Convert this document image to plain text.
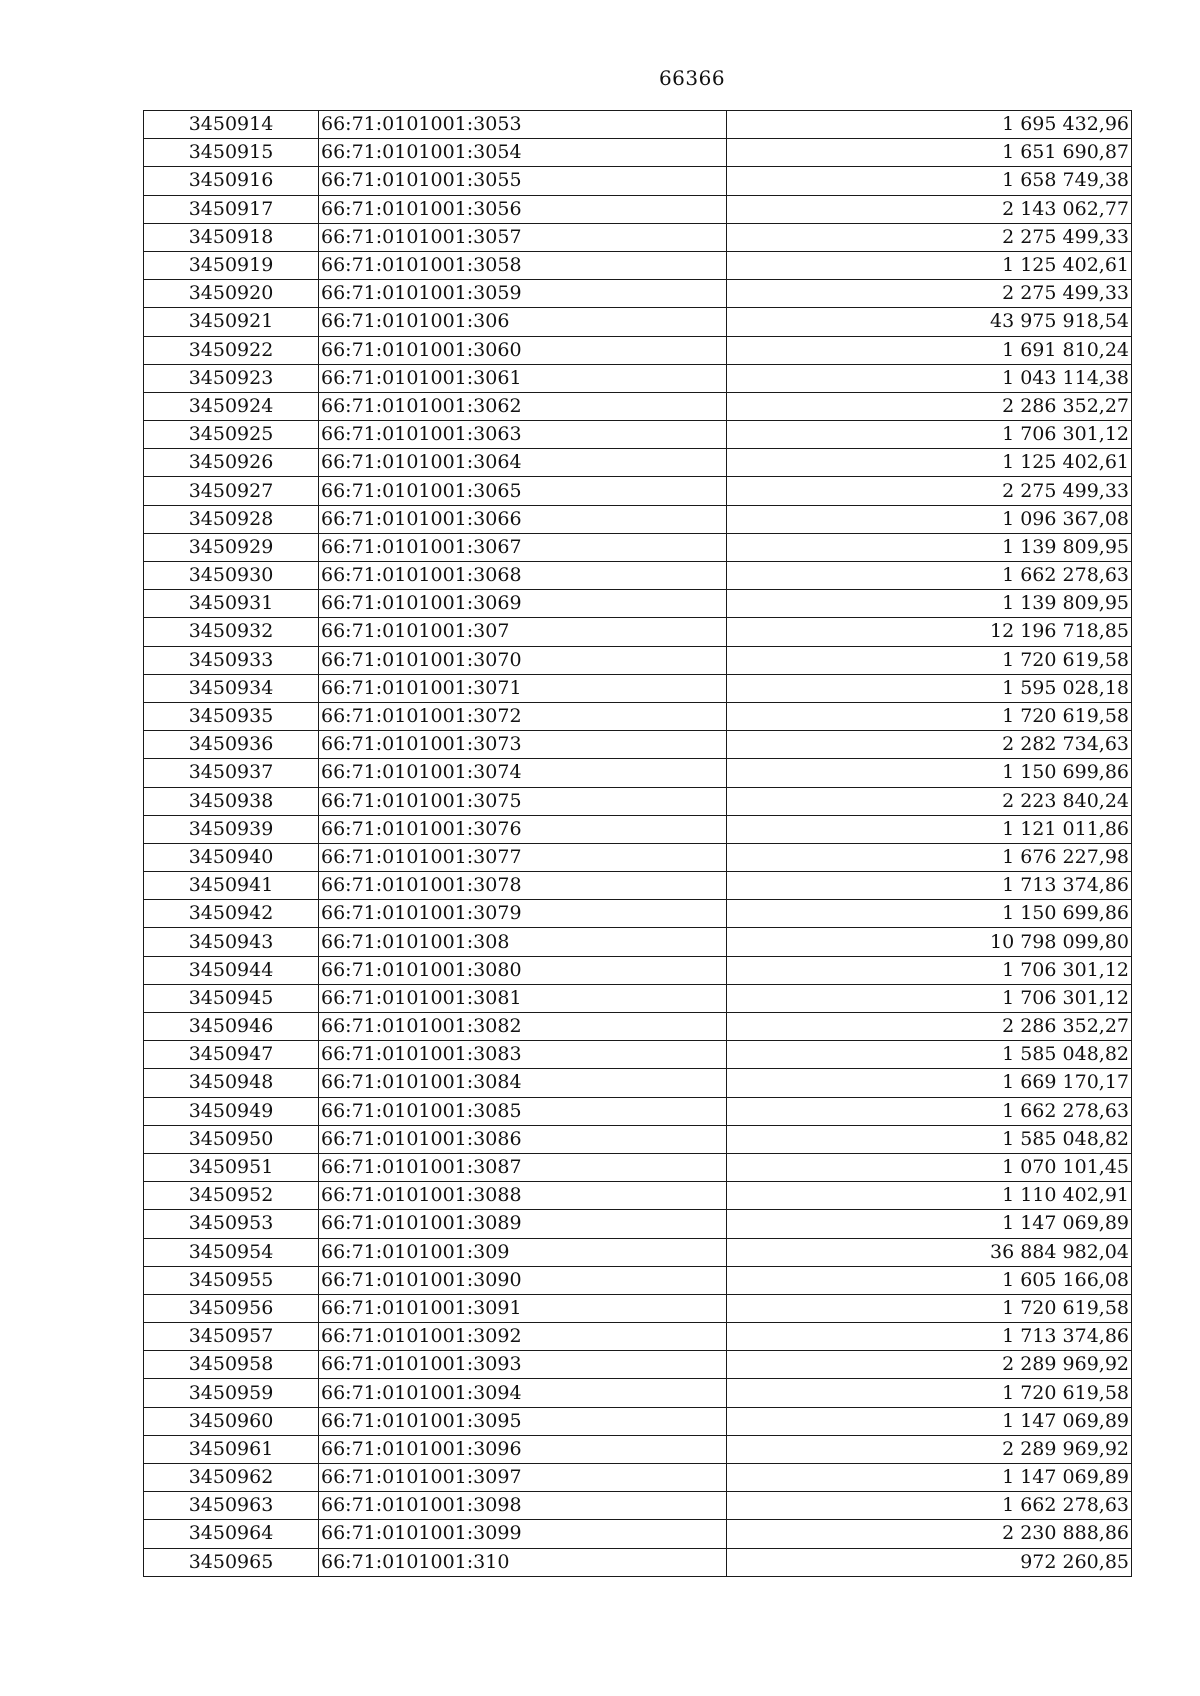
66366
3450914	66:71:0101001:3053	1 695 432,96
3450915	66:71:0101001:3054	1 651 690,87
3450916	66:71:0101001:3055	1 658 749,38
3450917	66:71:0101001:3056	2 143 062,77
3450918	66:71:0101001:3057	2 275 499,33
3450919	66:71:0101001:3058	1 125 402,61
3450920	66:71:0101001:3059	2 275 499,33
3450921	66:71:0101001:306	43 975 918,54
3450922	66:71:0101001:3060	1 691 810,24
3450923	66:71:0101001:3061	1 043 114,38
3450924	66:71:0101001:3062	2 286 352,27
3450925	66:71:0101001:3063	1 706 301,12
3450926	66:71:0101001:3064	1 125 402,61
3450927	66:71:0101001:3065	2 275 499,33
3450928	66:71:0101001:3066	1 096 367,08
3450929	66:71:0101001:3067	1 139 809,95
3450930	66:71:0101001:3068	1 662 278,63
3450931	66:71:0101001:3069	1 139 809,95
3450932	66:71:0101001:307	12 196 718,85
3450933	66:71:0101001:3070	1 720 619,58
3450934	66:71:0101001:3071	1 595 028,18
3450935	66:71:0101001:3072	1 720 619,58
3450936	66:71:0101001:3073	2 282 734,63
3450937	66:71:0101001:3074	1 150 699,86
3450938	66:71:0101001:3075	2 223 840,24
3450939	66:71:0101001:3076	1 121 011,86
3450940	66:71:0101001:3077	1 676 227,98
3450941	66:71:0101001:3078	1 713 374,86
3450942	66:71:0101001:3079	1 150 699,86
3450943	66:71:0101001:308	10 798 099,80
3450944	66:71:0101001:3080	1 706 301,12
3450945	66:71:0101001:3081	1 706 301,12
3450946	66:71:0101001:3082	2 286 352,27
3450947	66:71:0101001:3083	1 585 048,82
3450948	66:71:0101001:3084	1 669 170,17
3450949	66:71:0101001:3085	1 662 278,63
3450950	66:71:0101001:3086	1 585 048,82
3450951	66:71:0101001:3087	1 070 101,45
3450952	66:71:0101001:3088	1 110 402,91
3450953	66:71:0101001:3089	1 147 069,89
3450954	66:71:0101001:309	36 884 982,04
3450955	66:71:0101001:3090	1 605 166,08
3450956	66:71:0101001:3091	1 720 619,58
3450957	66:71:0101001:3092	1 713 374,86
3450958	66:71:0101001:3093	2 289 969,92
3450959	66:71:0101001:3094	1 720 619,58
3450960	66:71:0101001:3095	1 147 069,89
3450961	66:71:0101001:3096	2 289 969,92
3450962	66:71:0101001:3097	1 147 069,89
3450963	66:71:0101001:3098	1 662 278,63
3450964	66:71:0101001:3099	2 230 888,86
3450965	66:71:0101001:310	972 260,85
